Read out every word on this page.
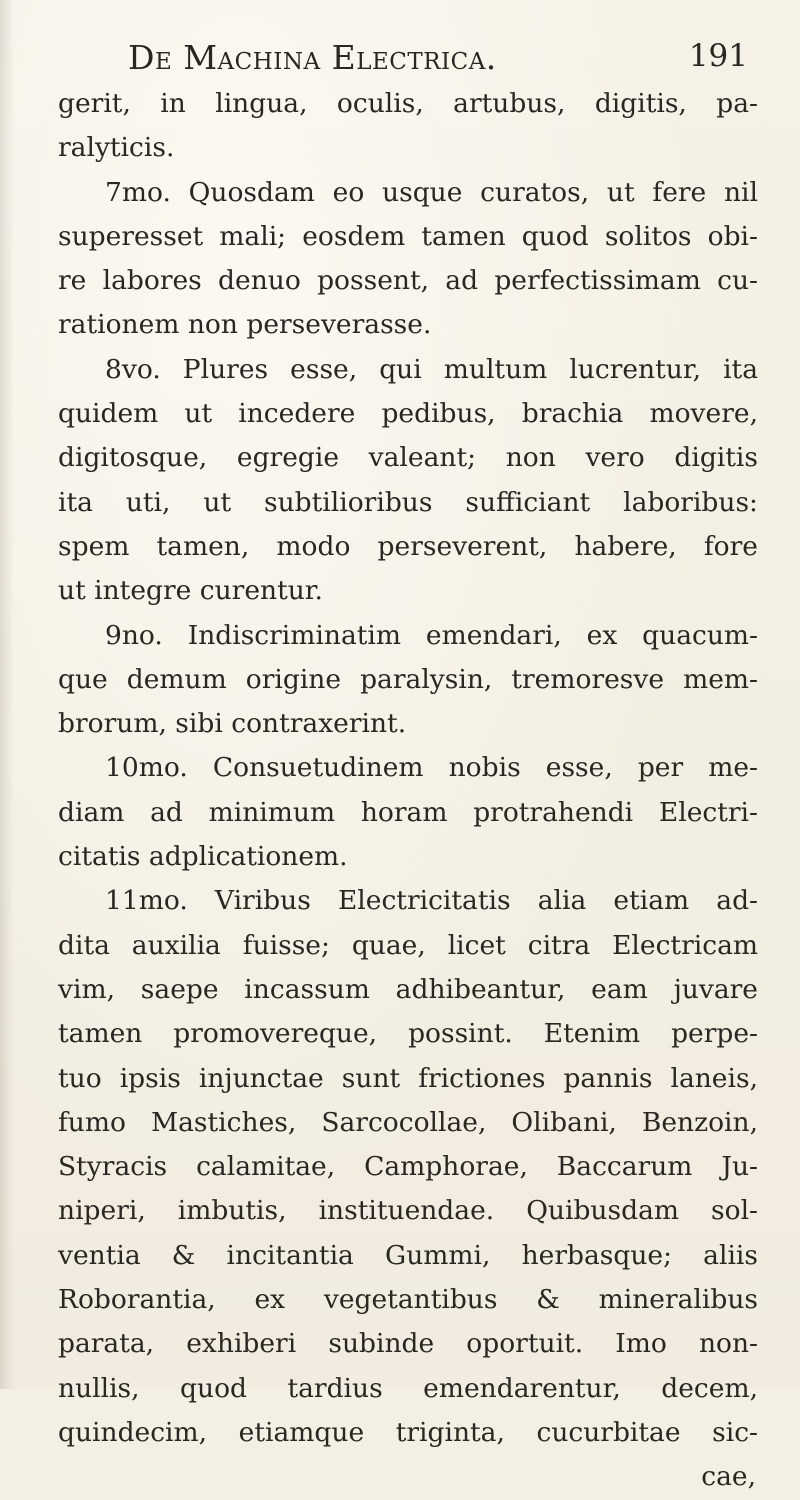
De Machina Electrica.	191
gerit, in lingua, oculis, artubus, digitis, pa-
ralyticis.
7mo. Quosdam eo usque curatos, ut fere nil
superesset mali; eosdem tamen quod solitos obi-
re labores denuo possent, ad perfectissimam cu-
rationem non perseverasse.
8vo. Plures esse, qui multum lucrentur, ita
quidem ut incedere pedibus, brachia movere,
digitosque, egregie valeant; non vero digitis
ita uti, ut subtilioribus sufficiant laboribus:
spem tamen, modo perseverent, habere, fore
ut integre curentur.
9no. Indiscriminatim emendari, ex quacum-
que demum origine paralysin, tremoresve mem-
brorum, sibi contraxerint.
10mo. Consuetudinem nobis esse, per me-
diam ad minimum horam protrahendi Electri-
citatis adplicationem.
11mo. Viribus Electricitatis alia etiam ad-
dita auxilia fuisse; quae, licet citra Electricam
vim, saepe incassum adhibeantur, eam juvare
tamen promovereque, possint. Etenim perpe-
tuo ipsis injunctae sunt frictiones pannis laneis,
fumo Mastiches, Sarcocollae, Olibani, Benzoin,
Styracis calamitae, Camphorae, Baccarum Ju-
niperi, imbutis, instituendae. Quibusdam sol-
ventia & incitantia Gummi, herbasque; aliis
Roborantia, ex vegetantibus & mineralibus
parata, exhiberi subinde oportuit. Imo non-
nullis, quod tardius emendarentur, decem,
quindecim, etiamque triginta, cucurbitae sic-
cae,
